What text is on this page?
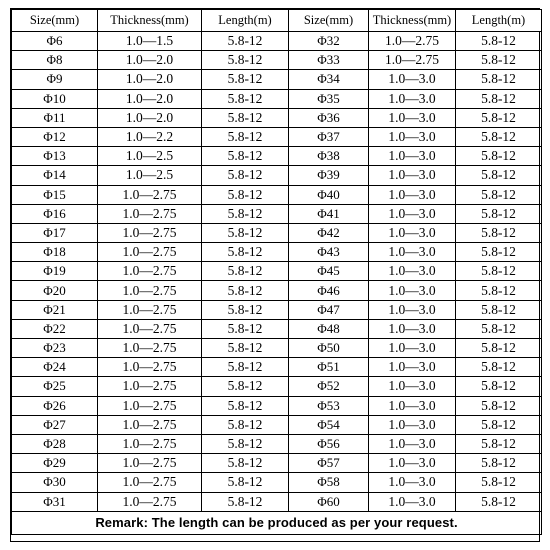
Size(mm)	Thickness(mm)	Length(m)	Size(mm)	Thickness(mm)	Length(m)
Φ6	1.0—1.5	5.8-12	Φ32	1.0—2.75	5.8-12
Φ8	1.0—2.0	5.8-12	Φ33	1.0—2.75	5.8-12
Φ9	1.0—2.0	5.8-12	Φ34	1.0—3.0	5.8-12
Φ10	1.0—2.0	5.8-12	Φ35	1.0—3.0	5.8-12
Φ11	1.0—2.0	5.8-12	Φ36	1.0—3.0	5.8-12
Φ12	1.0—2.2	5.8-12	Φ37	1.0—3.0	5.8-12
Φ13	1.0—2.5	5.8-12	Φ38	1.0—3.0	5.8-12
Φ14	1.0—2.5	5.8-12	Φ39	1.0—3.0	5.8-12
Φ15	1.0—2.75	5.8-12	Φ40	1.0—3.0	5.8-12
Φ16	1.0—2.75	5.8-12	Φ41	1.0—3.0	5.8-12
Φ17	1.0—2.75	5.8-12	Φ42	1.0—3.0	5.8-12
Φ18	1.0—2.75	5.8-12	Φ43	1.0—3.0	5.8-12
Φ19	1.0—2.75	5.8-12	Φ45	1.0—3.0	5.8-12
Φ20	1.0—2.75	5.8-12	Φ46	1.0—3.0	5.8-12
Φ21	1.0—2.75	5.8-12	Φ47	1.0—3.0	5.8-12
Φ22	1.0—2.75	5.8-12	Φ48	1.0—3.0	5.8-12
Φ23	1.0—2.75	5.8-12	Φ50	1.0—3.0	5.8-12
Φ24	1.0—2.75	5.8-12	Φ51	1.0—3.0	5.8-12
Φ25	1.0—2.75	5.8-12	Φ52	1.0—3.0	5.8-12
Φ26	1.0—2.75	5.8-12	Φ53	1.0—3.0	5.8-12
Φ27	1.0—2.75	5.8-12	Φ54	1.0—3.0	5.8-12
Φ28	1.0—2.75	5.8-12	Φ56	1.0—3.0	5.8-12
Φ29	1.0—2.75	5.8-12	Φ57	1.0—3.0	5.8-12
Φ30	1.0—2.75	5.8-12	Φ58	1.0—3.0	5.8-12
Φ31	1.0—2.75	5.8-12	Φ60	1.0—3.0	5.8-12
Remark: The length can be produced as per your request.					
